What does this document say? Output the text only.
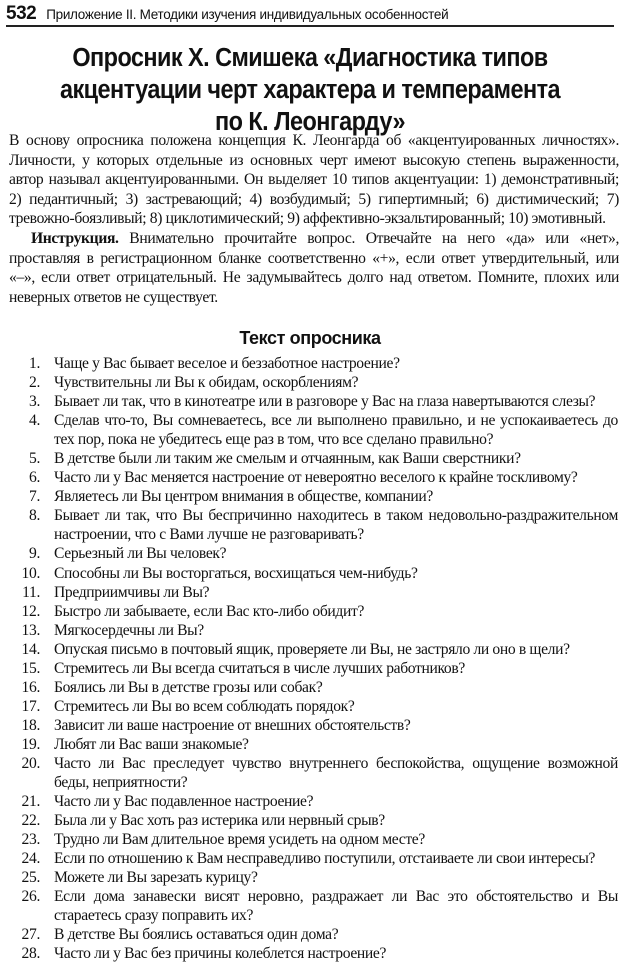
532 Приложение II. Методики изучения индивидуальных особенностей
Опросник Х. Смишека «Диагностика типов
акцентуации черт характера и темперамента
по К. Леонгарду»

В основу опросника положена концепция К. Леонгарда об «акцентуированных личностях». Личности, у которых отдельные из основных черт имеют высокую степень выраженности, автор называл акцентуированными. Он выделяет 10 типов акцентуации: 1) демонстративный; 2) педантичный; 3) застревающий; 4) возбудимый; 5) гипертимный; 6) дистимический; 7) тревожно-боязливый; 8) циклотимический; 9) аффективно-экзальтированный; 10) эмотивный.

Инструкция. Внимательно прочитайте вопрос. Отвечайте на него «да» или «нет», проставляя в регистрационном бланке соответственно «+», если ответ утвердительный, или «–», если ответ отрицательный. Не задумывайтесь долго над ответом. Помните, плохих или неверных ответов не существует.

Текст опросника
1. Чаще у Вас бывает веселое и беззаботное настроение?
2. Чувствительны ли Вы к обидам, оскорблениям?
3. Бывает ли так, что в кинотеатре или в разговоре у Вас на глаза навертываются слезы?
4. Сделав что-то, Вы сомневаетесь, все ли выполнено правильно, и не успокаиваетесь до тех пор, пока не убедитесь еще раз в том, что все сделано правильно?
5. В детстве были ли таким же смелым и отчаянным, как Ваши сверстники?
6. Часто ли у Вас меняется настроение от невероятно веселого к крайне тоскливому?
7. Являетесь ли Вы центром внимания в обществе, компании?
8. Бывает ли так, что Вы беспричинно находитесь в таком недовольно-раздражительном настроении, что с Вами лучше не разговаривать?
9. Серьезный ли Вы человек?
10. Способны ли Вы восторгаться, восхищаться чем-нибудь?
11. Предприимчивы ли Вы?
12. Быстро ли забываете, если Вас кто-либо обидит?
13. Мягкосердечны ли Вы?
14. Опуская письмо в почтовый ящик, проверяете ли Вы, не застряло ли оно в щели?
15. Стремитесь ли Вы всегда считаться в числе лучших работников?
16. Боялись ли Вы в детстве грозы или собак?
17. Стремитесь ли Вы во всем соблюдать порядок?
18. Зависит ли ваше настроение от внешних обстоятельств?
19. Любят ли Вас ваши знакомые?
20. Часто ли Вас преследует чувство внутреннего беспокойства, ощущение возможной беды, неприятности?
21. Часто ли у Вас подавленное настроение?
22. Была ли у Вас хоть раз истерика или нервный срыв?
23. Трудно ли Вам длительное время усидеть на одном месте?
24. Если по отношению к Вам несправедливо поступили, отстаиваете ли свои интересы?
25. Можете ли Вы зарезать курицу?
26. Если дома занавески висят неровно, раздражает ли Вас это обстоятельство и Вы стараетесь сразу поправить их?
27. В детстве Вы боялись оставаться один дома?
28. Часто ли у Вас без причины колеблется настроение?
